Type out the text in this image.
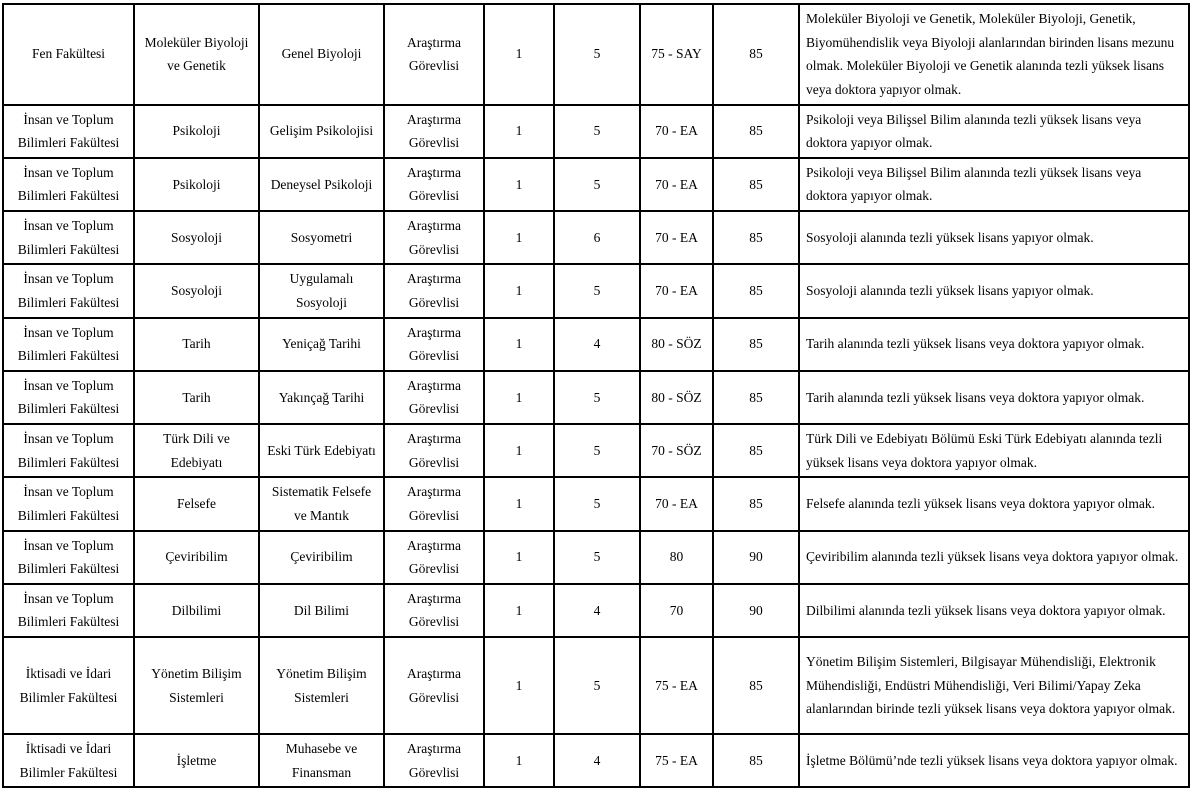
Fen Fakültesi	Moleküler Biyoloji ve Genetik	Genel Biyoloji	Araştırma Görevlisi	1	5	75 - SAY	85	Moleküler Biyoloji ve Genetik, Moleküler Biyoloji, Genetik, Biyomühendislik veya Biyoloji alanlarından birinden lisans mezunu olmak. Moleküler Biyoloji ve Genetik alanında tezli yüksek lisans veya doktora yapıyor olmak.
İnsan ve Toplum Bilimleri Fakültesi	Psikoloji	Gelişim Psikolojisi	Araştırma Görevlisi	1	5	70 - EA	85	Psikoloji veya Bilişsel Bilim alanında tezli yüksek lisans veya doktora yapıyor olmak.
İnsan ve Toplum Bilimleri Fakültesi	Psikoloji	Deneysel Psikoloji	Araştırma Görevlisi	1	5	70 - EA	85	Psikoloji veya Bilişsel Bilim alanında tezli yüksek lisans veya doktora yapıyor olmak.
İnsan ve Toplum Bilimleri Fakültesi	Sosyoloji	Sosyometri	Araştırma Görevlisi	1	6	70 - EA	85	Sosyoloji alanında tezli yüksek lisans yapıyor olmak.
İnsan ve Toplum Bilimleri Fakültesi	Sosyoloji	Uygulamalı Sosyoloji	Araştırma Görevlisi	1	5	70 - EA	85	Sosyoloji alanında tezli yüksek lisans yapıyor olmak.
İnsan ve Toplum Bilimleri Fakültesi	Tarih	Yeniçağ Tarihi	Araştırma Görevlisi	1	4	80 - SÖZ	85	Tarih alanında tezli yüksek lisans veya doktora yapıyor olmak.
İnsan ve Toplum Bilimleri Fakültesi	Tarih	Yakınçağ Tarihi	Araştırma Görevlisi	1	5	80 - SÖZ	85	Tarih alanında tezli yüksek lisans veya doktora yapıyor olmak.
İnsan ve Toplum Bilimleri Fakültesi	Türk Dili ve Edebiyatı	Eski Türk Edebiyatı	Araştırma Görevlisi	1	5	70 - SÖZ	85	Türk Dili ve Edebiyatı Bölümü Eski Türk Edebiyatı alanında tezli yüksek lisans veya doktora yapıyor olmak.
İnsan ve Toplum Bilimleri Fakültesi	Felsefe	Sistematik Felsefe ve Mantık	Araştırma Görevlisi	1	5	70 - EA	85	Felsefe alanında tezli yüksek lisans veya doktora yapıyor olmak.
İnsan ve Toplum Bilimleri Fakültesi	Çeviribilim	Çeviribilim	Araştırma Görevlisi	1	5	80	90	Çeviribilim alanında tezli yüksek lisans veya doktora yapıyor olmak.
İnsan ve Toplum Bilimleri Fakültesi	Dilbilimi	Dil Bilimi	Araştırma Görevlisi	1	4	70	90	Dilbilimi alanında tezli yüksek lisans veya doktora yapıyor olmak.
İktisadi ve İdari Bilimler Fakültesi	Yönetim Bilişim Sistemleri	Yönetim Bilişim Sistemleri	Araştırma Görevlisi	1	5	75 - EA	85	Yönetim Bilişim Sistemleri, Bilgisayar Mühendisliği, Elektronik Mühendisliği, Endüstri Mühendisliği, Veri Bilimi/Yapay Zeka alanlarından birinde tezli yüksek lisans veya doktora yapıyor olmak.
İktisadi ve İdari Bilimler Fakültesi	İşletme	Muhasebe ve Finansman	Araştırma Görevlisi	1	4	75 - EA	85	İşletme Bölümü’nde tezli yüksek lisans veya doktora yapıyor olmak.
